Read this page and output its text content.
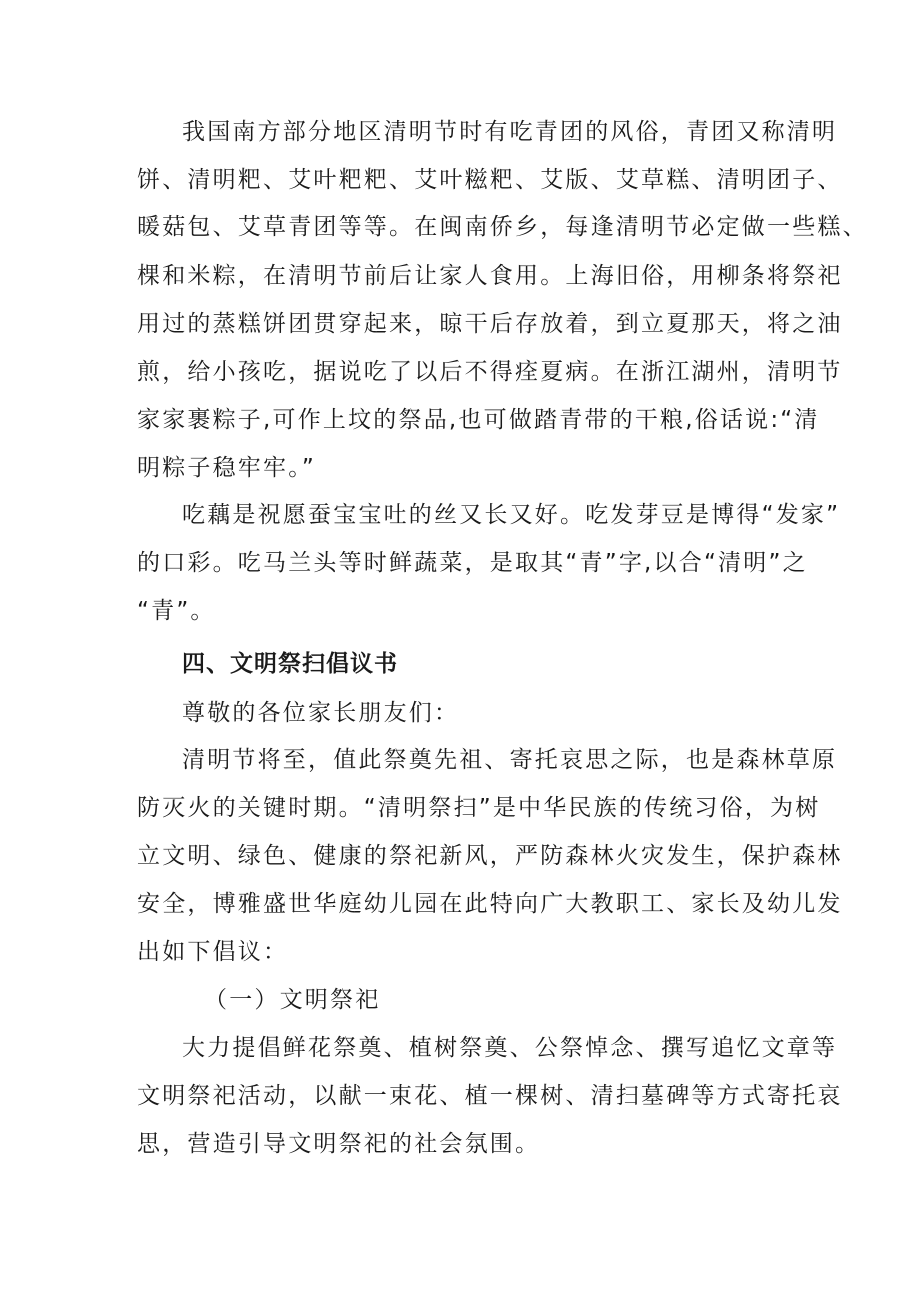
我国南方部分地区清明节时有吃青团的风俗，青团又称清明
饼、清明粑、艾叶粑粑、艾叶糍粑、艾版、艾草糕、清明团子、
暖菇包、艾草青团等等。在闽南侨乡，每逢清明节必定做一些糕、
棵和米粽，在清明节前后让家人食用。上海旧俗，用柳条将祭祀
用过的蒸糕饼团贯穿起来，晾干后存放着，到立夏那天，将之油
煎，给小孩吃，据说吃了以后不得痊夏病。在浙江湖州，清明节
家家裹粽子,可作上坟的祭品,也可做踏青带的干粮,俗话说:“清
明粽子稳牢牢。”
吃藕是祝愿蚕宝宝吐的丝又长又好。吃发芽豆是博得“发家”
的口彩。吃马兰头等时鲜蔬菜，是取其“青”字,以合“清明”之
“青”。
四、文明祭扫倡议书
尊敬的各位家长朋友们：
清明节将至，值此祭奠先祖、寄托哀思之际，也是森林草原
防灭火的关键时期。“清明祭扫”是中华民族的传统习俗，为树
立文明、绿色、健康的祭祀新风，严防森林火灾发生，保护森林
安全，博雅盛世华庭幼儿园在此特向广大教职工、家长及幼儿发
出如下倡议：
（一）文明祭祀
大力提倡鲜花祭奠、植树祭奠、公祭悼念、撰写追忆文章等
文明祭祀活动，以献一束花、植一棵树、清扫墓碑等方式寄托哀
思，营造引导文明祭祀的社会氛围。
